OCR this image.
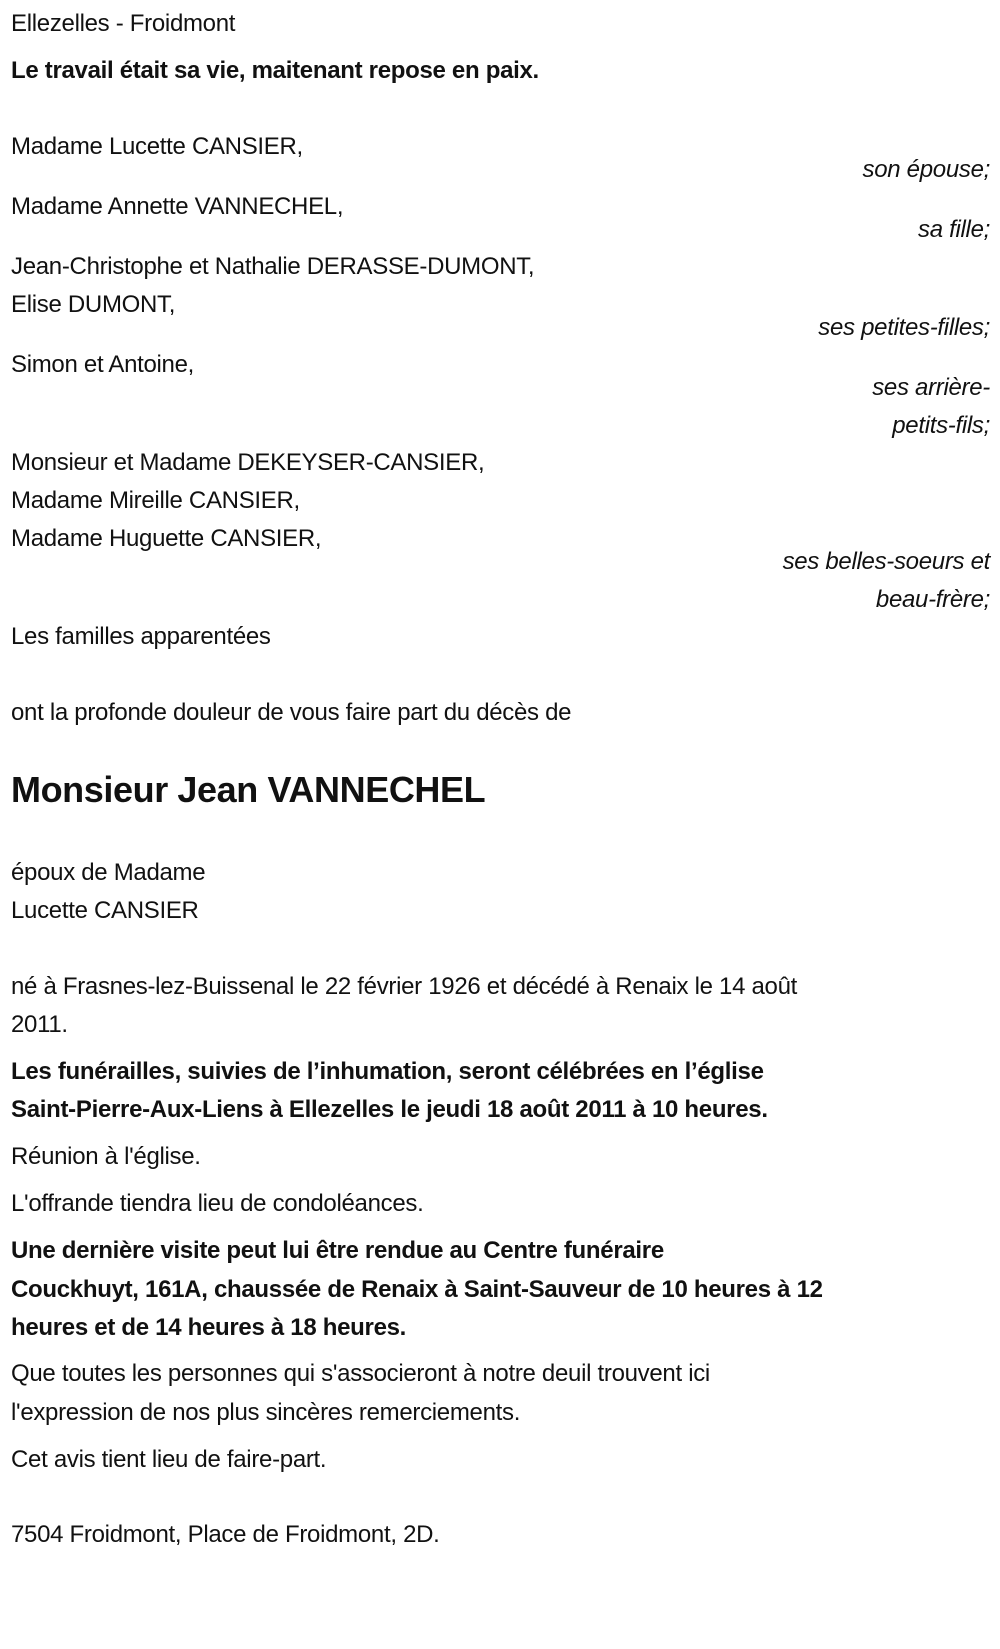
Ellezelles - Froidmont
Le travail était sa vie, maitenant repose en paix.
Madame Lucette CANSIER,
son épouse;
Madame Annette VANNECHEL,
sa fille;
Jean-Christophe et Nathalie DERASSE-DUMONT,
Elise DUMONT,
ses petites-filles;
Simon et Antoine,
ses arrière-
petits-fils;
Monsieur et Madame DEKEYSER-CANSIER,
Madame Mireille CANSIER,
Madame Huguette CANSIER,
ses belles-soeurs et
beau-frère;
Les familles apparentées
ont la profonde douleur de vous faire part du décès de
Monsieur Jean VANNECHEL
époux de Madame
Lucette CANSIER
né à Frasnes-lez-Buissenal le 22 février 1926 et décédé à Renaix le 14 août
2011.
Les funérailles, suivies de l’inhumation, seront célébrées en l’église
Saint-Pierre-Aux-Liens à Ellezelles le jeudi 18 août 2011 à 10 heures.
Réunion à l'église.
L'offrande tiendra lieu de condoléances.
Une dernière visite peut lui être rendue au Centre funéraire
Couckhuyt, 161A, chaussée de Renaix à Saint-Sauveur de 10 heures à 12
heures et de 14 heures à 18 heures.
Que toutes les personnes qui s'associeront à notre deuil trouvent ici
l'expression de nos plus sincères remerciements.
Cet avis tient lieu de faire-part.
7504 Froidmont, Place de Froidmont, 2D.
